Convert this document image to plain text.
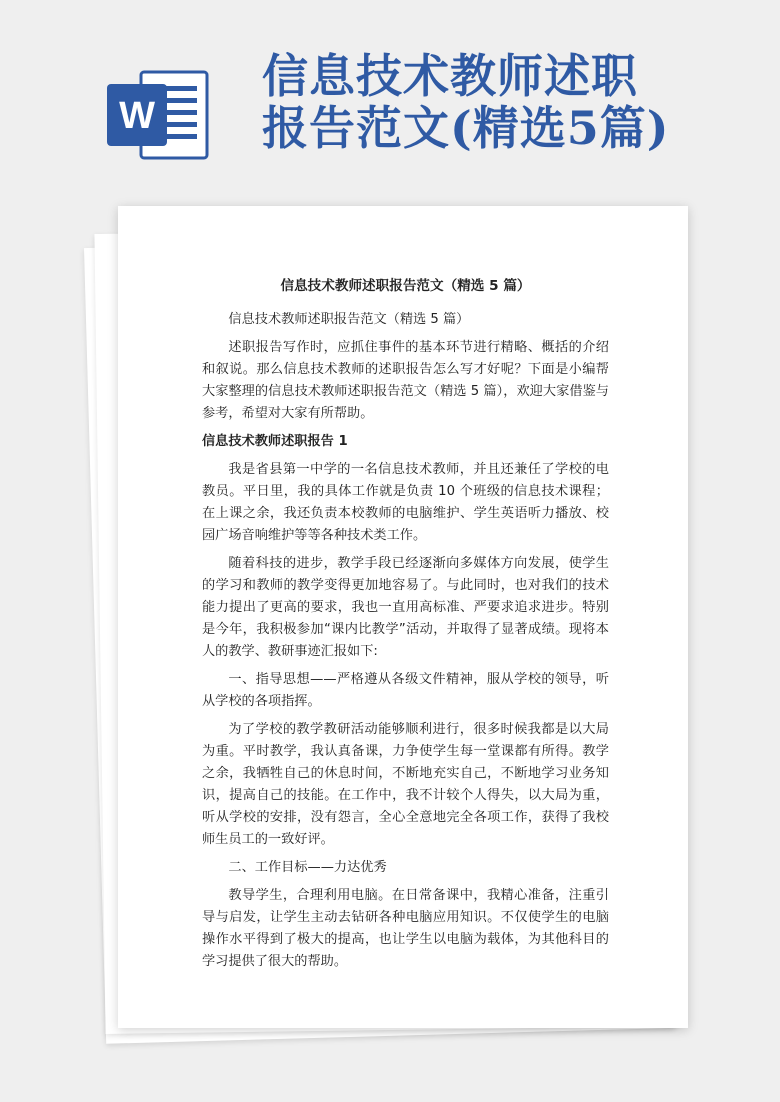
W
信息技术教师述职
报告范文(精选5篇)
信息技术教师述职报告范文（精选 5 篇）

信息技术教师述职报告范文（精选 5 篇）

述职报告写作时，应抓住事件的基本环节进行精略、概括的介绍和叙说。那么信息技术教师的述职报告怎么写才好呢？下面是小编帮大家整理的信息技术教师述职报告范文（精选 5 篇），欢迎大家借鉴与参考，希望对大家有所帮助。

信息技术教师述职报告 1

我是省县第一中学的一名信息技术教师，并且还兼任了学校的电教员。平日里，我的具体工作就是负责 10 个班级的信息技术课程；在上课之余，我还负责本校教师的电脑维护、学生英语听力播放、校园广场音响维护等等各种技术类工作。

随着科技的进步，教学手段已经逐渐向多媒体方向发展，使学生的学习和教师的教学变得更加地容易了。与此同时，也对我们的技术能力提出了更高的要求，我也一直用高标准、严要求追求进步。特别是今年，我积极参加“课内比教学”活动，并取得了显著成绩。现将本人的教学、教研事迹汇报如下:

一、指导思想——严格遵从各级文件精神，服从学校的领导，听从学校的各项指挥。

为了学校的教学教研活动能够顺利进行，很多时候我都是以大局为重。平时教学，我认真备课，力争使学生每一堂课都有所得。教学之余，我牺牲自己的休息时间，不断地充实自己，不断地学习业务知识，提高自己的技能。在工作中，我不计较个人得失，以大局为重，听从学校的安排，没有怨言，全心全意地完全各项工作，获得了我校师生员工的一致好评。

二、工作目标——力达优秀

教导学生，合理利用电脑。在日常备课中，我精心准备，注重引导与启发，让学生主动去钻研各种电脑应用知识。不仅使学生的电脑操作水平得到了极大的提高，也让学生以电脑为载体，为其他科目的学习提供了很大的帮助。
